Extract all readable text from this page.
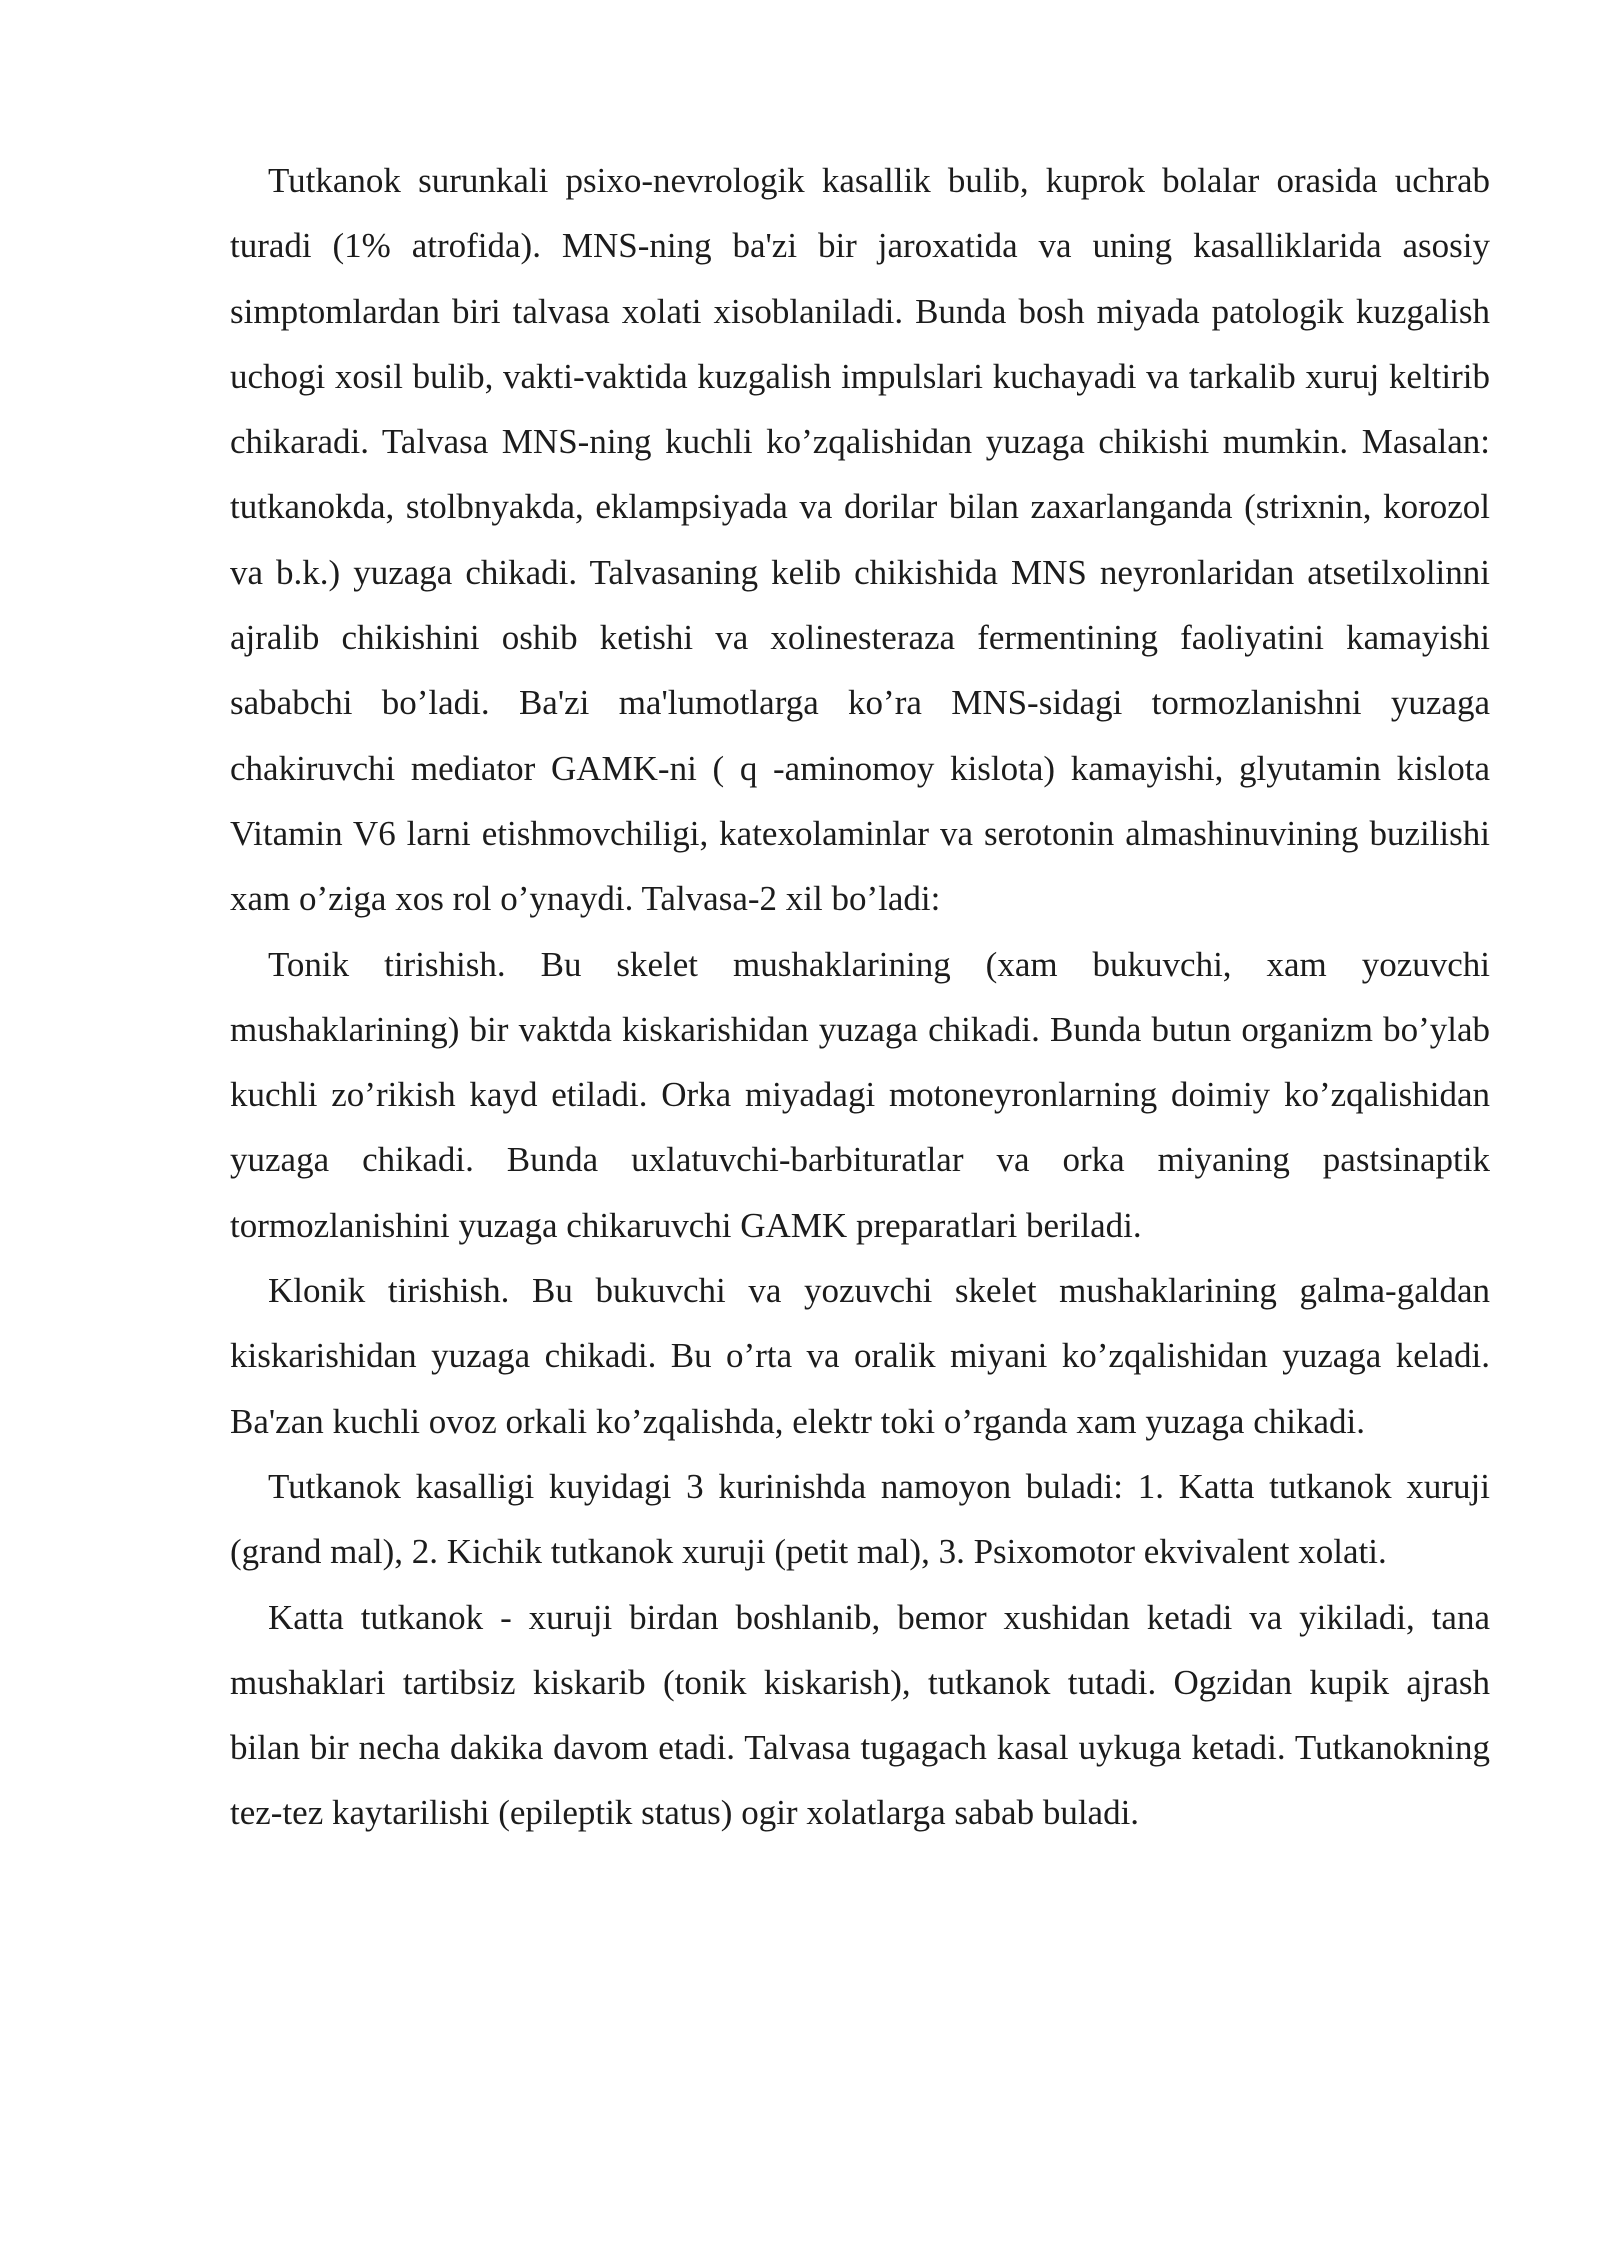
Tutkanok surunkali psixo-nevrologik kasallik bulib, kuprok bolalar orasida uchrab turadi (1% atrofida). MNS-ning ba'zi bir jaroxatida va uning kasalliklarida asosiy simptomlardan biri talvasa xolati xisoblaniladi. Bunda bosh miyada patologik kuzgalish uchogi xosil bulib, vakti-vaktida kuzgalish impulslari kuchayadi va tarkalib xuruj keltirib chikaradi. Talvasa MNS-ning kuchli ko’zqalishidan yuzaga chikishi mumkin. Masalan: tutkanokda, stolbnyakda, eklampsiyada va dorilar bilan zaxarlanganda (strixnin, korozol va b.k.) yuzaga chikadi. Talvasaning kelib chikishida MNS neyronlaridan atsetilxolinni ajralib chikishini oshib ketishi va xolinesteraza fermentining faoliyatini kamayishi sababchi bo’ladi. Ba'zi ma'lumotlarga ko’ra MNS-sidagi tormozlanishni yuzaga chakiruvchi mediator GAMK-ni ( q -aminomoy kislota) kamayishi, glyutamin kislota Vitamin V6 larni etishmovchiligi, katexolaminlar va serotonin almashinuvining buzilishi xam o’ziga xos rol o’ynaydi. Talvasa-2 xil bo’ladi:

Tonik tirishish. Bu skelet mushaklarining (xam bukuvchi, xam yozuvchi mushaklarining) bir vaktda kiskarishidan yuzaga chikadi. Bunda butun organizm bo’ylab kuchli zo’rikish kayd etiladi. Orka miyadagi motoneyronlarning doimiy ko’zqalishidan yuzaga chikadi. Bunda uxlatuvchi-barbituratlar va orka miyaning pastsinaptik tormozlanishini yuzaga chikaruvchi GAMK preparatlari beriladi.

Klonik tirishish. Bu bukuvchi va yozuvchi skelet mushaklarining galma-galdan kiskarishidan yuzaga chikadi. Bu o’rta va oralik miyani ko’zqalishidan yuzaga keladi. Ba'zan kuchli ovoz orkali ko’zqalishda, elektr toki o’rganda xam yuzaga chikadi.

Tutkanok kasalligi kuyidagi 3 kurinishda namoyon buladi: 1. Katta tutkanok xuruji (grand mal), 2. Kichik tutkanok xuruji (petit mal), 3. Psixomotor ekvivalent xolati.

Katta tutkanok - xuruji birdan boshlanib, bemor xushidan ketadi va yikiladi, tana mushaklari tartibsiz kiskarib (tonik kiskarish), tutkanok tutadi. Ogzidan kupik ajrash bilan bir necha dakika davom etadi. Talvasa tugagach kasal uykuga ketadi. Tutkanokning tez-tez kaytarilishi (epileptik status) ogir xolatlarga sabab buladi.
